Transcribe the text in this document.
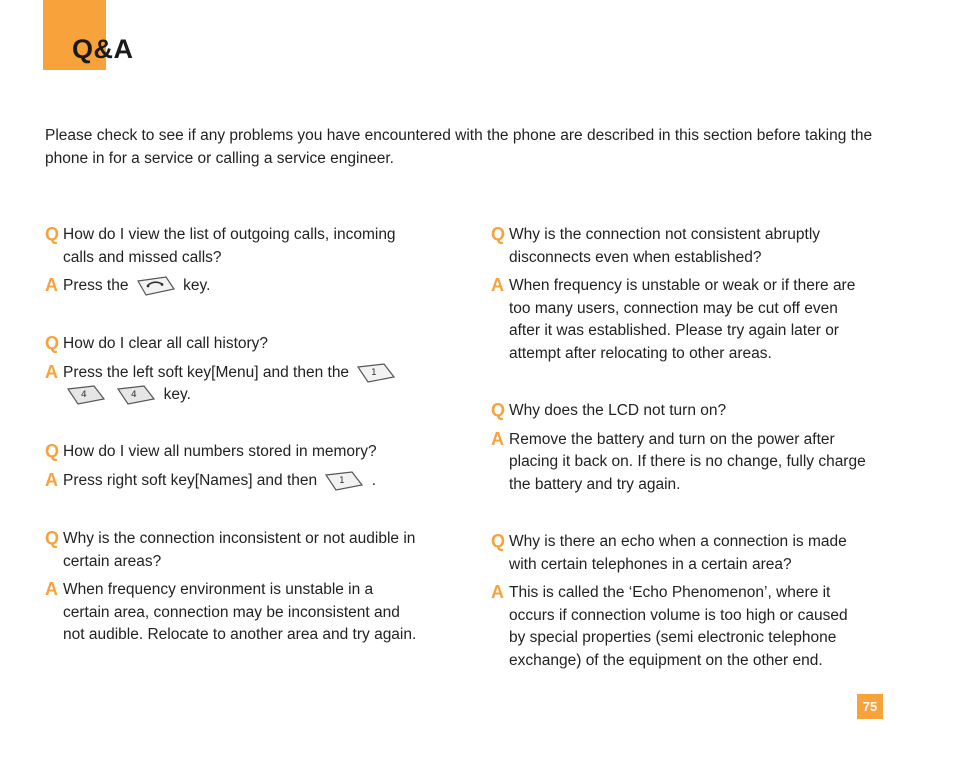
Q&A
Please check to see if any problems you have encountered with the phone are described in this section before taking the phone in for a service or calling a service engineer.
Q How do I view the list of outgoing calls, incoming
calls and missed calls?
A Press the	key.
Q How do I clear all call history?
A Press the left soft key[Menu] and then the 1

4
	4 key.
Q How do I view all numbers stored in memory?
A Press right soft key[Names] and then 1 .
Q Why is the connection inconsistent or not audible in
certain areas?
A When frequency environment is unstable in a
certain area, connection may be inconsistent and
not audible. Relocate to another area and try again.
Q Why is the connection not consistent abruptly
disconnects even when established?
A When frequency is unstable or weak or if there are
too many users, connection may be cut off even
after it was established. Please try again later or
attempt after relocating to other areas.
Q Why does the LCD not turn on?
A Remove the battery and turn on the power after
placing it back on. If there is no change, fully charge
the battery and try again.
Q Why is there an echo when a connection is made
with certain telephones in a certain area?
A This is called the ‘Echo Phenomenon’, where it
occurs if connection volume is too high or caused
by special properties (semi electronic telephone
exchange) of the equipment on the other end.
75
